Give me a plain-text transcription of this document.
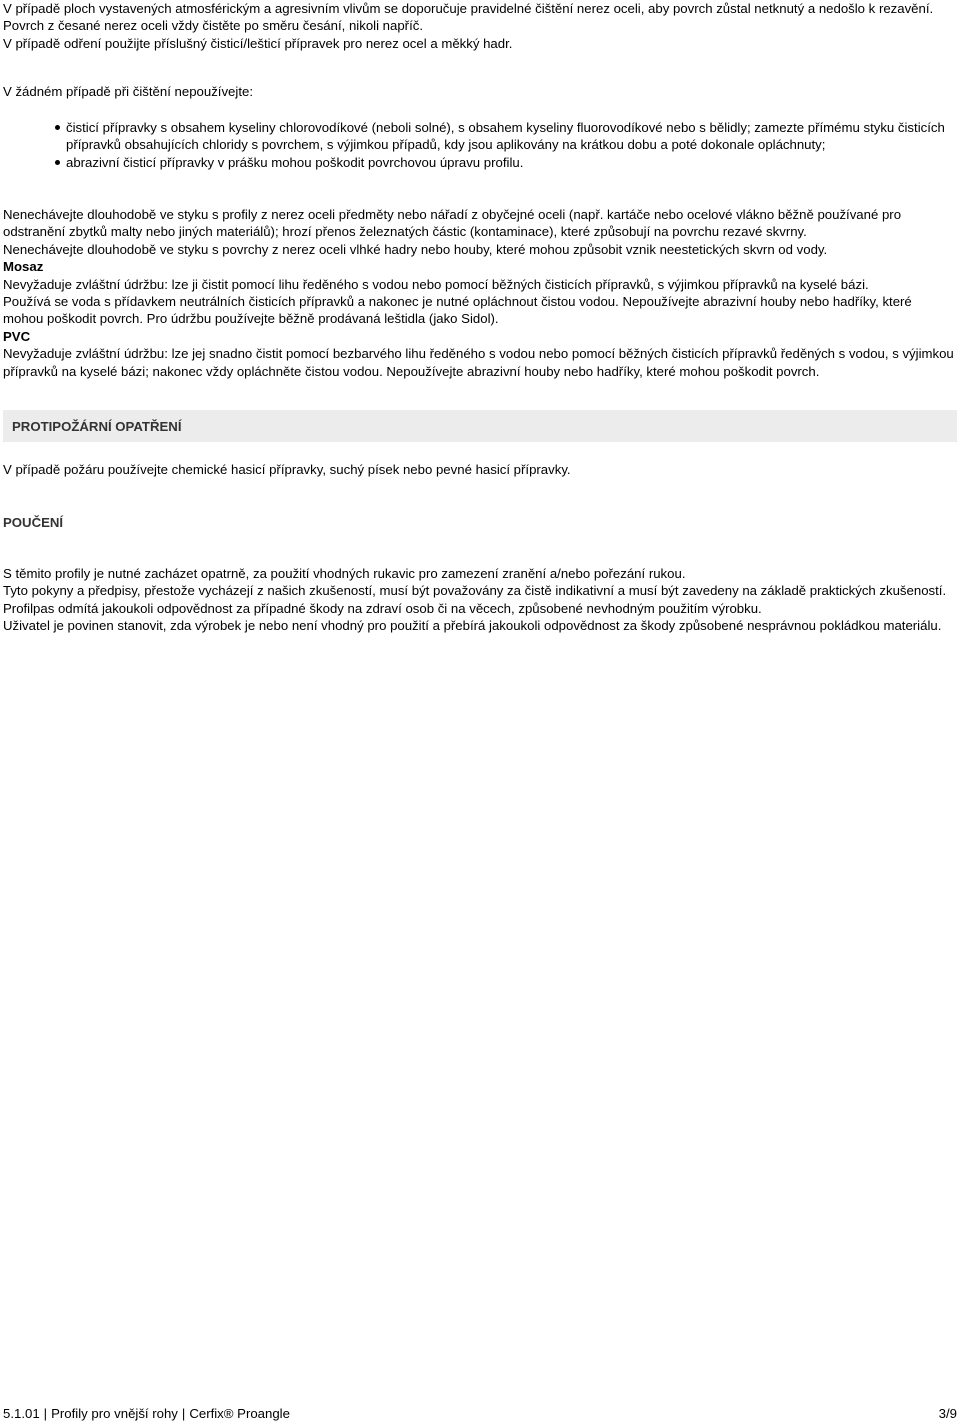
V případě ploch vystavených atmosférickým a agresivním vlivům se doporučuje pravidelné čištění nerez oceli, aby povrch zůstal netknutý a nedošlo k rezavění.

Povrch z česané nerez oceli vždy čistěte po směru česání, nikoli napříč.

V případě odření použijte příslušný čisticí/lešticí přípravek pro nerez ocel a měkký hadr.

V žádném případě při čištění nepoužívejte:

čisticí přípravky s obsahem kyseliny chlorovodíkové (neboli solné), s obsahem kyseliny fluorovodíkové nebo s bělidly; zamezte přímému styku čisticích přípravků obsahujících chloridy s povrchem, s výjimkou případů, kdy jsou aplikovány na krátkou dobu a poté dokonale opláchnuty;
abrazivní čisticí přípravky v prášku mohou poškodit povrchovou úpravu profilu.

Nenechávejte dlouhodobě ve styku s profily z nerez oceli předměty nebo nářadí z obyčejné oceli (např. kartáče nebo ocelové vlákno běžně používané pro odstranění zbytků malty nebo jiných materiálů); hrozí přenos železnatých částic (kontaminace), které způsobují na povrchu rezavé skvrny.

Nenechávejte dlouhodobě ve styku s povrchy z nerez oceli vlhké hadry nebo houby, které mohou způsobit vznik neestetických skvrn od vody.

Mosaz

Nevyžaduje zvláštní údržbu: lze ji čistit pomocí lihu ředěného s vodou nebo pomocí běžných čisticích přípravků, s výjimkou přípravků na kyselé bázi.

Používá se voda s přídavkem neutrálních čisticích přípravků a nakonec je nutné opláchnout čistou vodou. Nepoužívejte abrazivní houby nebo hadříky, které mohou poškodit povrch. Pro údržbu používejte běžně prodávaná leštidla (jako Sidol).

PVC

Nevyžaduje zvláštní údržbu: lze jej snadno čistit pomocí bezbarvého lihu ředěného s vodou nebo pomocí běžných čisticích přípravků ředěných s vodou, s výjimkou přípravků na kyselé bázi; nakonec vždy opláchněte čistou vodou. Nepoužívejte abrazivní houby nebo hadříky, které mohou poškodit povrch.

PROTIPOŽÁRNÍ OPATŘENÍ

V případě požáru používejte chemické hasicí přípravky, suchý písek nebo pevné hasicí přípravky.

POUČENÍ

S těmito profily je nutné zacházet opatrně, za použití vhodných rukavic pro zamezení zranění a/nebo pořezání rukou.

Tyto pokyny a předpisy, přestože vycházejí z našich zkušeností, musí být považovány za čistě indikativní a musí být zavedeny na základě praktických zkušeností.

Profilpas odmítá jakoukoli odpovědnost za případné škody na zdraví osob či na věcech, způsobené nevhodným použitím výrobku.

Uživatel je povinen stanovit, zda výrobek je nebo není vhodný pro použití a přebírá jakoukoli odpovědnost za škody způsobené nesprávnou pokládkou materiálu.

5.1.01 | Profily pro vnější rohy | Cerfix® Proangle	3/9
